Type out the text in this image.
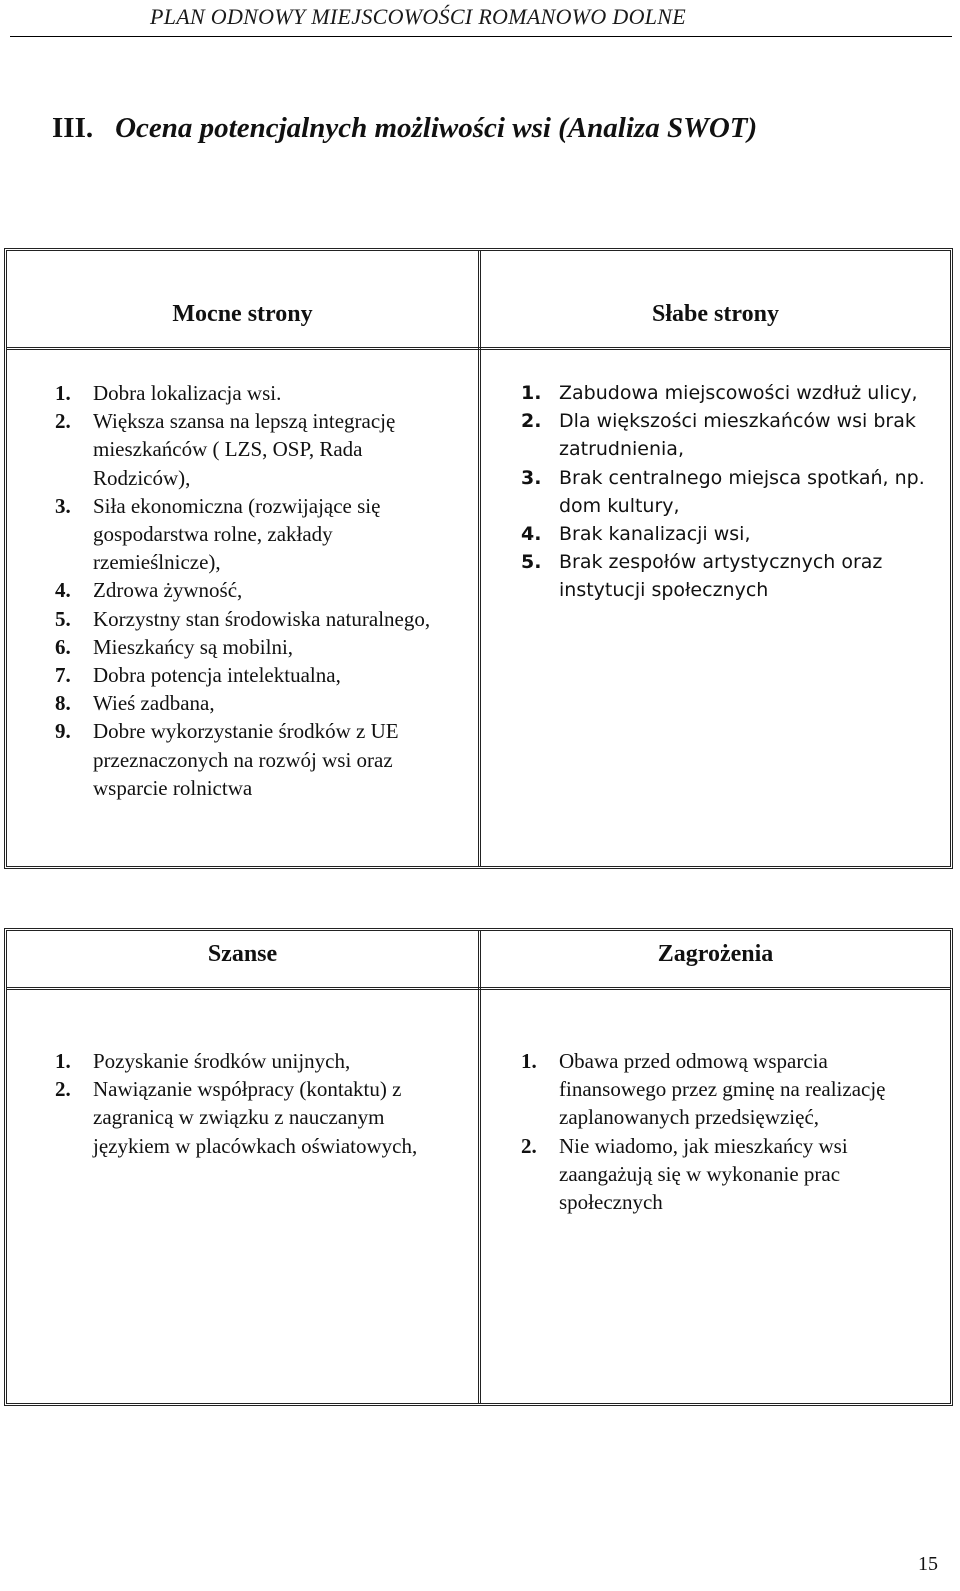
PLAN ODNOWY MIEJSCOWOŚCI ROMANOWO DOLNE
III. Ocena potencjalnych możliwości wsi (Analiza SWOT)
Mocne strony	Słabe strony
1. Dobra lokalizacja wsi.
2. Większa szansa na lepszą integrację mieszkańców ( LZS, OSP, Rada Rodziców),
3. Siła ekonomiczna (rozwijające się gospodarstwa rolne, zakłady rzemieślnicze),
4. Zdrowa żywność,
5. Korzystny stan środowiska naturalnego,
6. Mieszkańcy są mobilni,
7. Dobra potencja intelektualna,
8. Wieś zadbana,
9. Dobre wykorzystanie środków z UE przeznaczonych na rozwój wsi oraz wsparcie rolnictwa
1. Zabudowa miejscowości wzdłuż ulicy,
2. Dla większości mieszkańców wsi brak zatrudnienia,
3. Brak centralnego miejsca spotkań, np. dom kultury,
4. Brak kanalizacji wsi,
5. Brak zespołów artystycznych oraz instytucji społecznych
Szanse	Zagrożenia
1. Pozyskanie środków unijnych,
2. Nawiązanie współpracy (kontaktu) z zagranicą w związku z nauczanym językiem w placówkach oświatowych,
1. Obawa przed odmową wsparcia finansowego przez gminę na realizację zaplanowanych przedsięwzięć,
2. Nie wiadomo, jak mieszkańcy wsi zaangażują się w wykonanie prac społecznych
15
